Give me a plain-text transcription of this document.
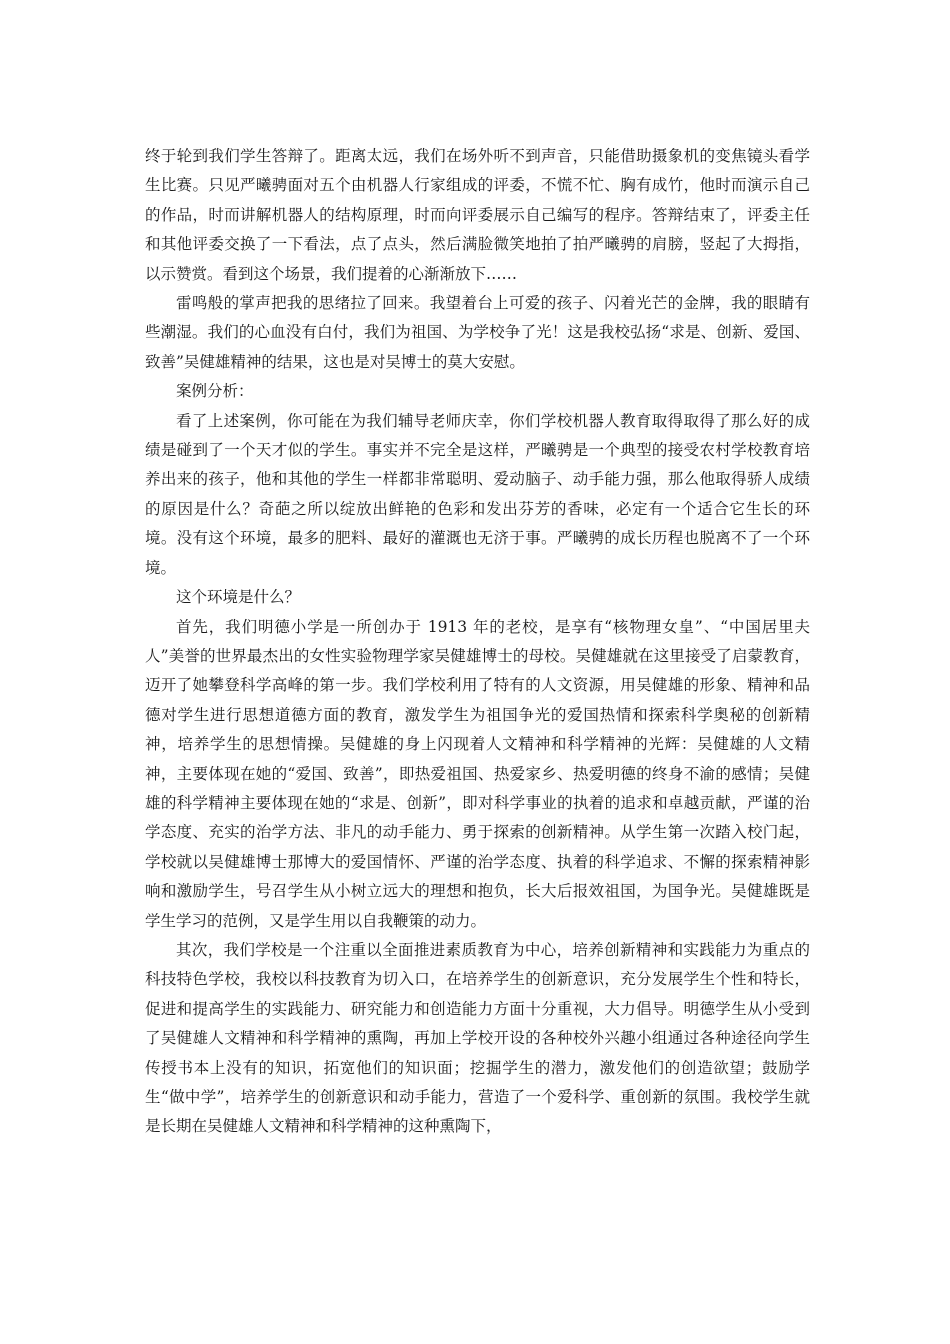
终于轮到我们学生答辩了。距离太远，我们在场外听不到声音，只能借助摄象机的变焦镜头看学生比赛。只见严曦骋面对五个由机器人行家组成的评委，不慌不忙、胸有成竹，他时而演示自己的作品，时而讲解机器人的结构原理，时而向评委展示自己编写的程序。答辩结束了，评委主任和其他评委交换了一下看法，点了点头，然后满脸微笑地拍了拍严曦骋的肩膀，竖起了大拇指，以示赞赏。看到这个场景，我们提着的心渐渐放下……

雷鸣般的掌声把我的思绪拉了回来。我望着台上可爱的孩子、闪着光芒的金牌，我的眼睛有些潮湿。我们的心血没有白付，我们为祖国、为学校争了光！这是我校弘扬“求是、创新、爱国、致善”吴健雄精神的结果，这也是对吴博士的莫大安慰。

案例分析：

看了上述案例，你可能在为我们辅导老师庆幸，你们学校机器人教育取得取得了那么好的成绩是碰到了一个天才似的学生。事实并不完全是这样，严曦骋是一个典型的接受农村学校教育培养出来的孩子，他和其他的学生一样都非常聪明、爱动脑子、动手能力强，那么他取得骄人成绩的原因是什么？奇葩之所以绽放出鲜艳的色彩和发出芬芳的香味，必定有一个适合它生长的环境。没有这个环境，最多的肥料、最好的灌溉也无济于事。严曦骋的成长历程也脱离不了一个环境。

这个环境是什么？

首先，我们明德小学是一所创办于 1913 年的老校，是享有“核物理女皇”、“中国居里夫人”美誉的世界最杰出的女性实验物理学家吴健雄博士的母校。吴健雄就在这里接受了启蒙教育，迈开了她攀登科学高峰的第一步。我们学校利用了特有的人文资源，用吴健雄的形象、精神和品德对学生进行思想道德方面的教育，激发学生为祖国争光的爱国热情和探索科学奥秘的创新精神，培养学生的思想情操。吴健雄的身上闪现着人文精神和科学精神的光辉：吴健雄的人文精神，主要体现在她的“爱国、致善”，即热爱祖国、热爱家乡、热爱明德的终身不渝的感情；吴健雄的科学精神主要体现在她的“求是、创新”，即对科学事业的执着的追求和卓越贡献，严谨的治学态度、充实的治学方法、非凡的动手能力、勇于探索的创新精神。从学生第一次踏入校门起，学校就以吴健雄博士那博大的爱国情怀、严谨的治学态度、执着的科学追求、不懈的探索精神影响和激励学生，号召学生从小树立远大的理想和抱负，长大后报效祖国，为国争光。吴健雄既是学生学习的范例，又是学生用以自我鞭策的动力。

其次，我们学校是一个注重以全面推进素质教育为中心，培养创新精神和实践能力为重点的科技特色学校，我校以科技教育为切入口，在培养学生的创新意识，充分发展学生个性和特长，促进和提高学生的实践能力、研究能力和创造能力方面十分重视，大力倡导。明德学生从小受到了吴健雄人文精神和科学精神的熏陶，再加上学校开设的各种校外兴趣小组通过各种途径向学生传授书本上没有的知识，拓宽他们的知识面；挖掘学生的潜力，激发他们的创造欲望；鼓励学生“做中学”，培养学生的创新意识和动手能力，营造了一个爱科学、重创新的氛围。我校学生就是长期在吴健雄人文精神和科学精神的这种熏陶下，
